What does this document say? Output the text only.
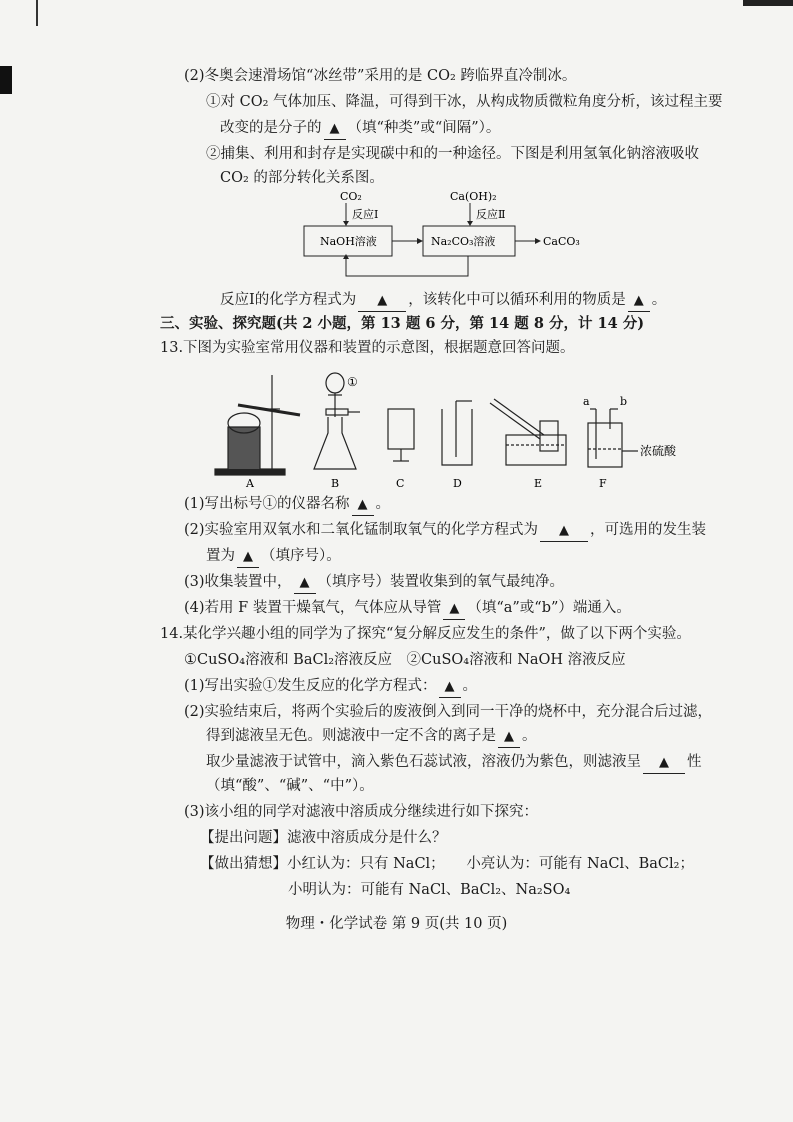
(2)冬奥会速滑场馆“冰丝带”采用的是 CO₂ 跨临界直冷制冰。
①对 CO₂ 气体加压、降温，可得到干冰，从构成物质微粒角度分析，该过程主要
改变的是分子的 ▲ （填“种类”或“间隔”）。
②捕集、利用和封存是实现碳中和的一种途径。下图是利用氢氧化钠溶液吸收
CO₂ 的部分转化关系图。
CO₂
反应Ⅰ
Ca(OH)₂
反应Ⅱ
NaOH溶液	Na₂CO₃溶液	CaCO₃
反应Ⅰ的化学方程式为 ▲ ，该转化中可以循环利用的物质是 ▲ 。
三、实验、探究题(共 2 小题，第 13 题 6 分，第 14 题 8 分，计 14 分)
13.下图为实验室常用仪器和装置的示意图，根据题意回答问题。
①
a	b
浓硫酸
A	B	C	D	E	F
(1)写出标号①的仪器名称 ▲ 。
(2)实验室用双氧水和二氧化锰制取氧气的化学方程式为 ▲ ，可选用的发生装
置为 ▲ （填序号）。
(3)收集装置中， ▲ （填序号）装置收集到的氧气最纯净。
(4)若用 F 装置干燥氧气，气体应从导管 ▲ （填“a”或“b”）端通入。
14.某化学兴趣小组的同学为了探究“复分解反应发生的条件”，做了以下两个实验。
①CuSO₄溶液和 BaCl₂溶液反应　②CuSO₄溶液和 NaOH 溶液反应
(1)写出实验①发生反应的化学方程式： ▲ 。
(2)实验结束后，将两个实验后的废液倒入到同一干净的烧杯中，充分混合后过滤，
得到滤液呈无色。则滤液中一定不含的离子是 ▲ 。
取少量滤液于试管中，滴入紫色石蕊试液，溶液仍为紫色，则滤液呈 ▲ 性
（填“酸”、“碱”、“中”）。
(3)该小组的同学对滤液中溶质成分继续进行如下探究：
【提出问题】滤液中溶质成分是什么？
【做出猜想】小红认为：只有 NaCl；　　小亮认为：可能有 NaCl、BaCl₂；
小明认为：可能有 NaCl、BaCl₂、Na₂SO₄
物理・化学试卷 第 9 页(共 10 页)
